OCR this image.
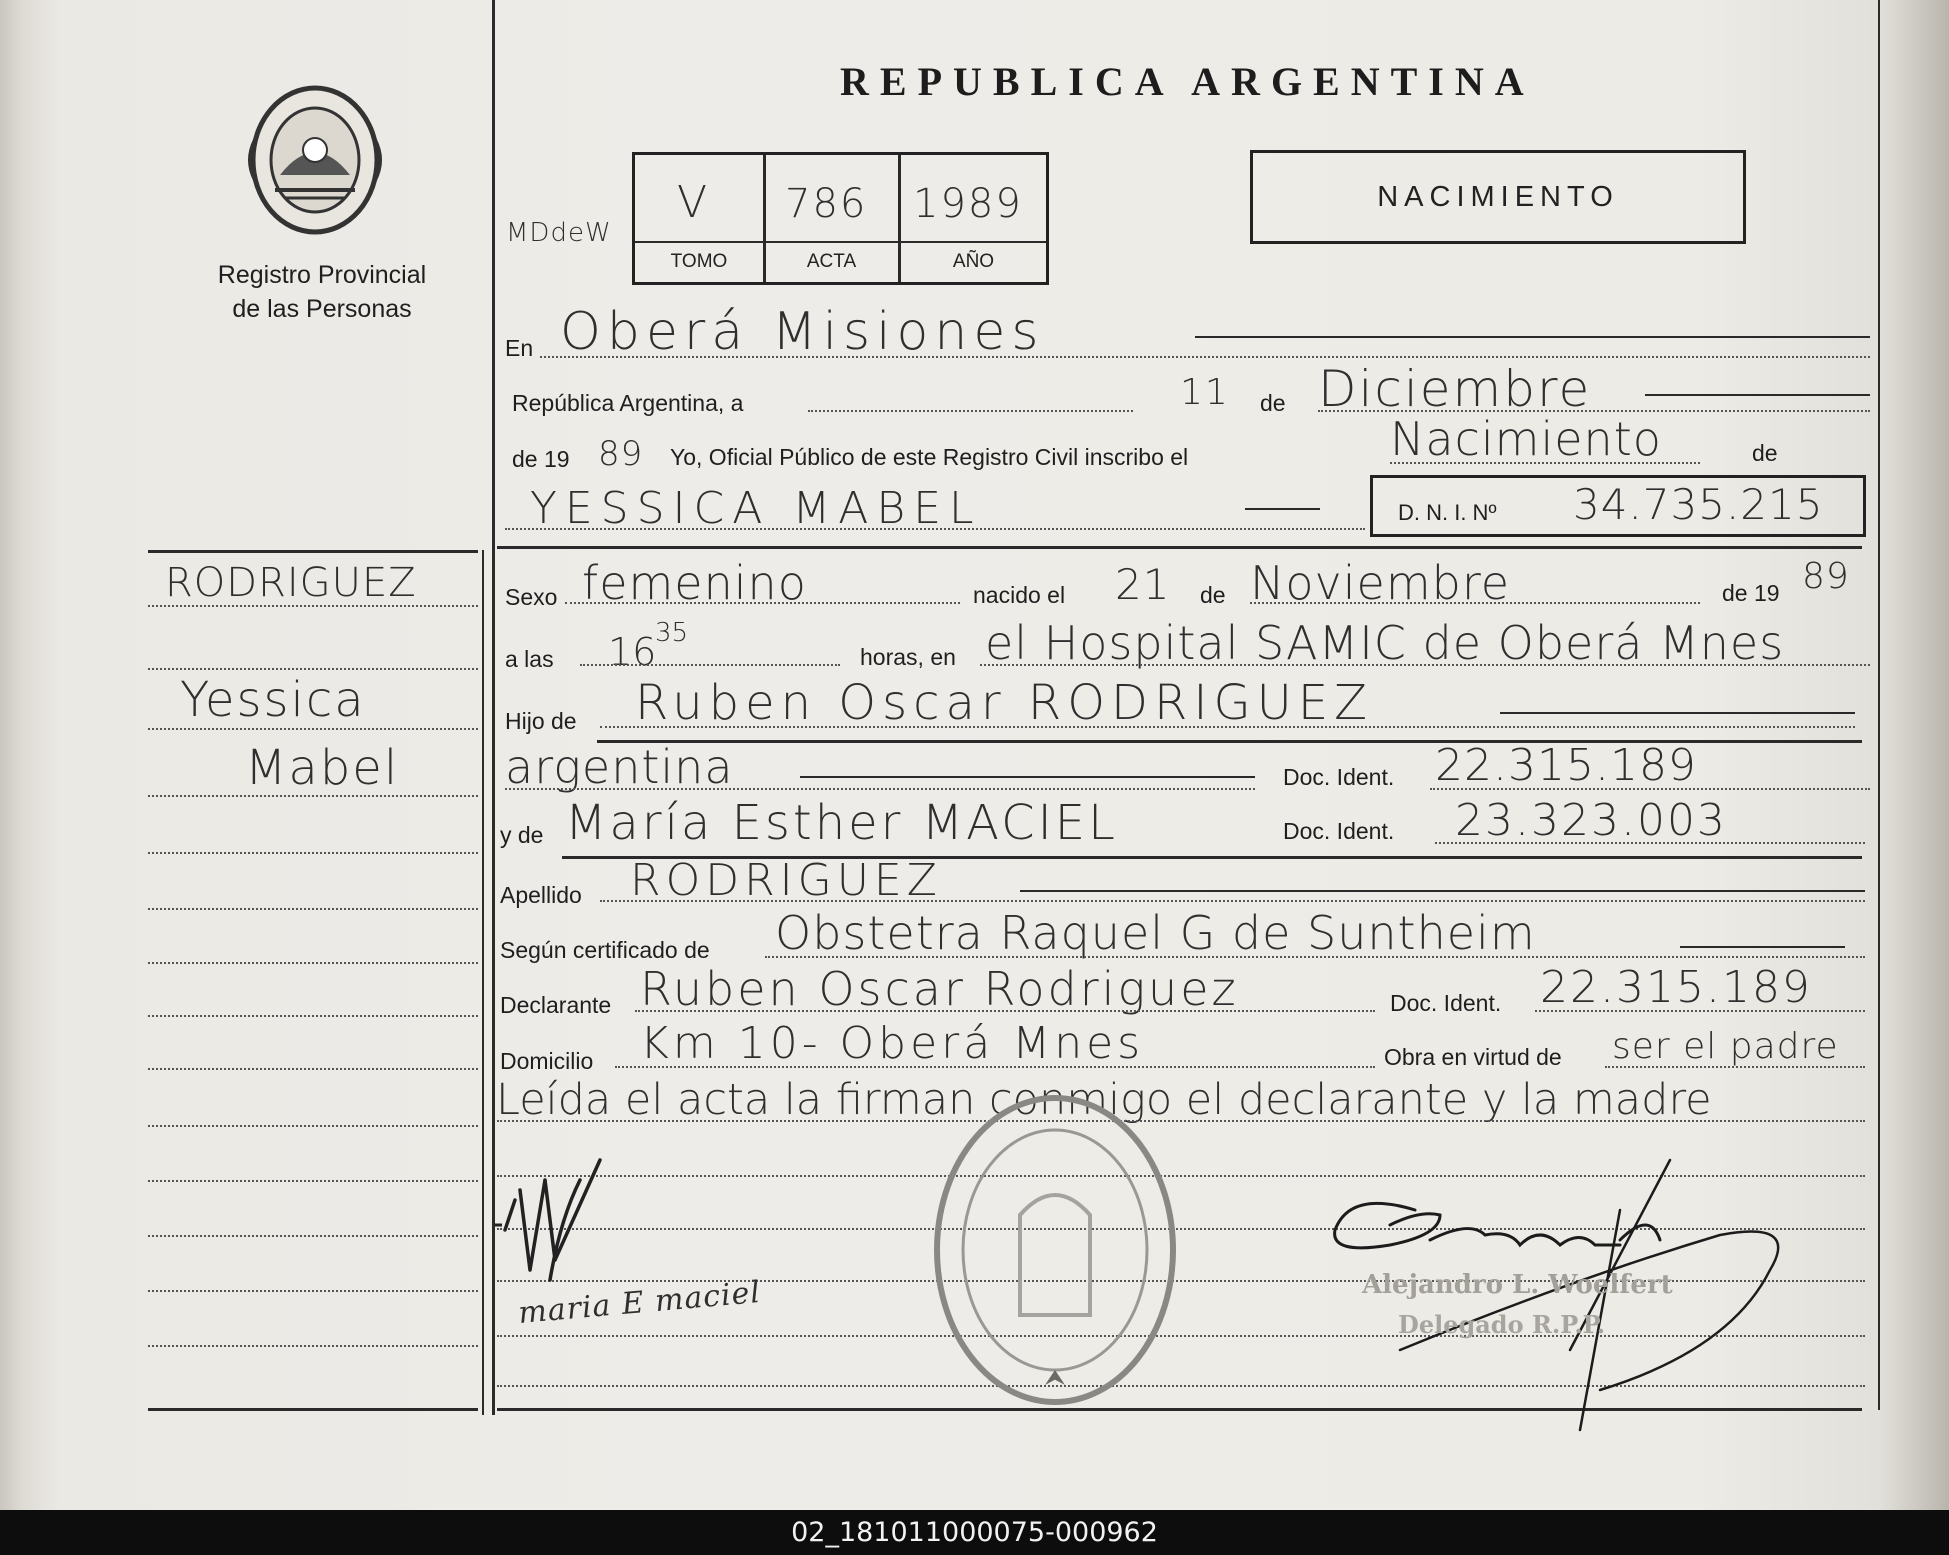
Registro Provincial
de las Personas
REPUBLICA ARGENTINA
MDdeW
V 786 1989
TOMO	ACTA	AÑO
NACIMIENTO
RODRIGUEZ
Yessica
Mabel
En Oberá Misiones
República Argentina, a	11 de Diciembre
de 19 89 Yo, Oficial Público de este Registro Civil inscribo el	Nacimiento	de
YESSICA MABEL	D. N. I. Nº 34.735.215
Sexo femenino	nacido el 21 de Noviembre	de 19 89
a las 16
35
horas, en el Hospital SAMIC de Oberá Mnes
Hijo de Ruben Oscar RODRIGUEZ
argentina	Doc. Ident. 22.315.189
y de María Esther MACIEL	Doc. Ident. 23.323.003
Apellido RODRIGUEZ
Según certificado de Obstetra Raquel G de Suntheim
Declarante Ruben Oscar Rodriguez	Doc. Ident. 22.315.189
Domicilio Km 10- Oberá Mnes	Obra en virtud de ser el padre
Leída el acta la firman conmigo el declarante y la madre
maria E maciel	Alejandro L. Woelfert
Delegado R.P.P.
02_181011000075-000962
